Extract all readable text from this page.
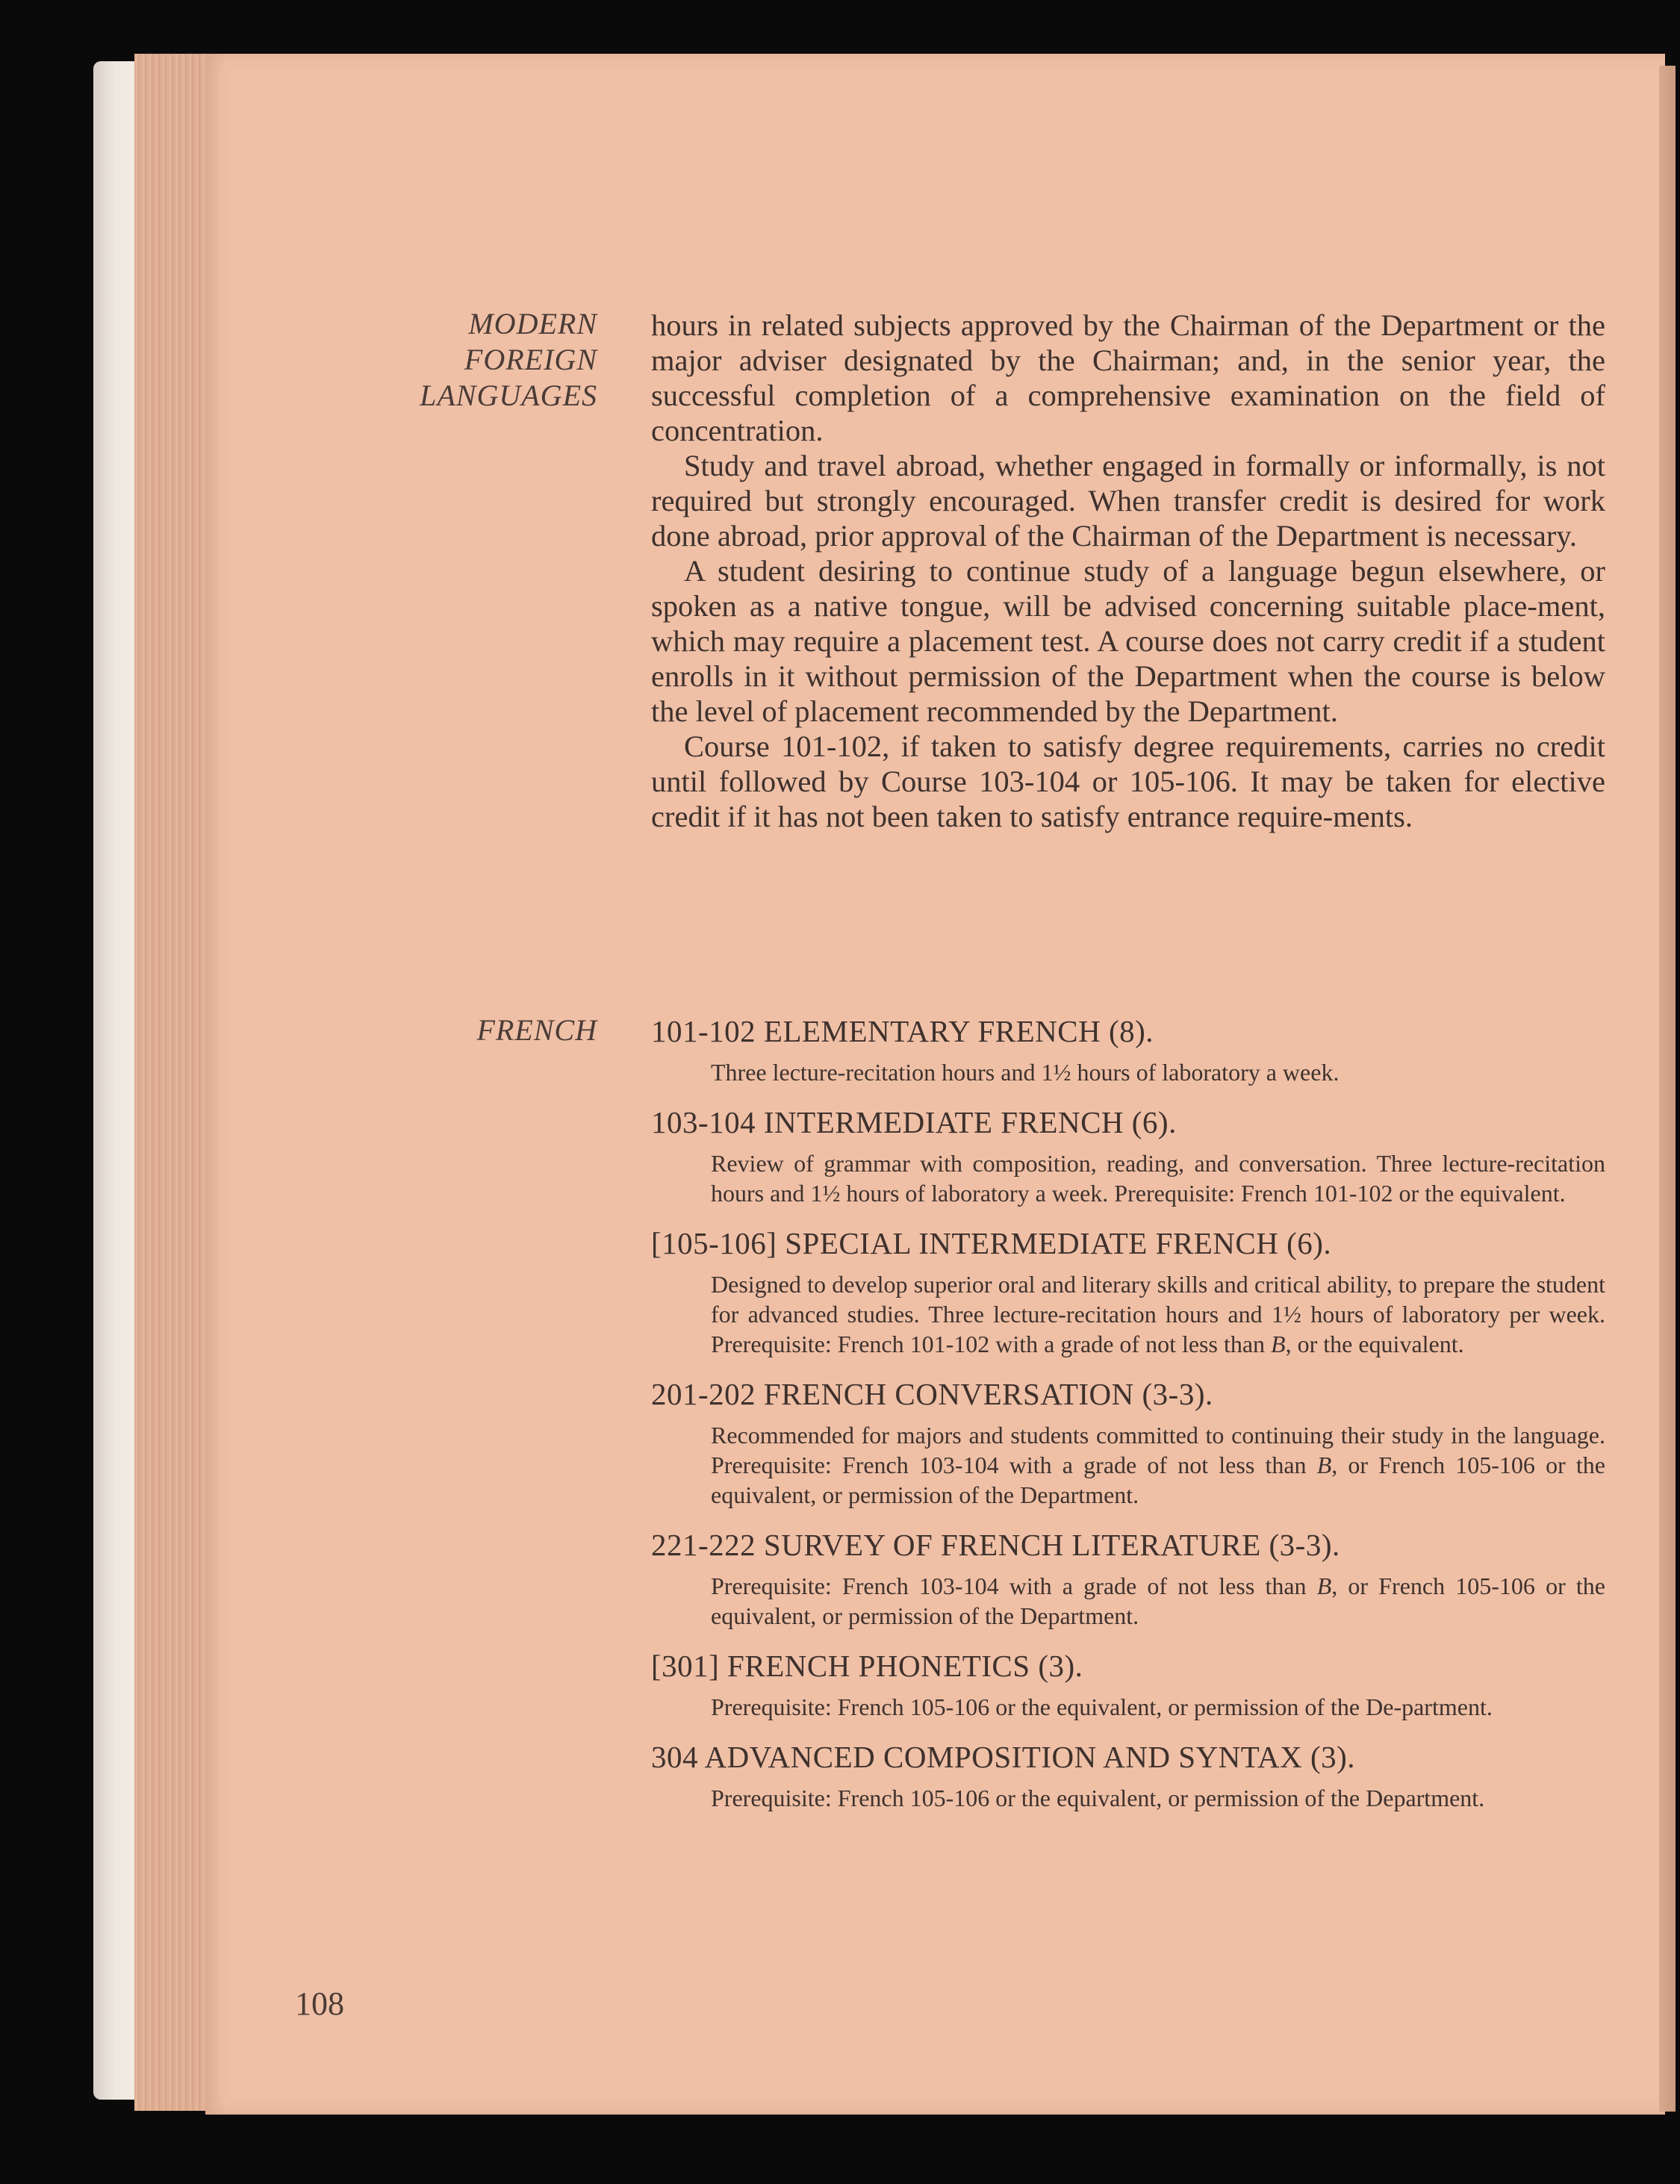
MODERN
FOREIGN
LANGUAGES
FRENCH

hours in related subjects approved by the Chairman of the Department or the major adviser designated by the Chairman; and, in the senior year, the successful completion of a comprehensive examination on the field of concentration.

Study and travel abroad, whether engaged in formally or informally, is not required but strongly encouraged. When transfer credit is desired for work done abroad, prior approval of the Chairman of the Department is necessary.

A student desiring to continue study of a language begun elsewhere, or spoken as a native tongue, will be advised concerning suitable place-ment, which may require a placement test. A course does not carry credit if a student enrolls in it without permission of the Department when the course is below the level of placement recommended by the Department.

Course 101-102, if taken to satisfy degree requirements, carries no credit until followed by Course 103-104 or 105-106. It may be taken for elective credit if it has not been taken to satisfy entrance require-ments.

101-102 ELEMENTARY FRENCH (8).
Three lecture-recitation hours and 1½ hours of laboratory a week.
103-104 INTERMEDIATE FRENCH (6).
Review of grammar with composition, reading, and conversation. Three lecture-recitation hours and 1½ hours of laboratory a week. Prerequisite: French 101-102 or the equivalent.
[105-106] SPECIAL INTERMEDIATE FRENCH (6).
Designed to develop superior oral and literary skills and critical ability, to prepare the student for advanced studies. Three lecture-recitation hours and 1½ hours of laboratory per week. Prerequisite: French 101-102 with a grade of not less than B, or the equivalent.
201-202 FRENCH CONVERSATION (3-3).
Recommended for majors and students committed to continuing their study in the language. Prerequisite: French 103-104 with a grade of not less than B, or French 105-106 or the equivalent, or permission of the Department.
221-222 SURVEY OF FRENCH LITERATURE (3-3).
Prerequisite: French 103-104 with a grade of not less than B, or French 105-106 or the equivalent, or permission of the Department.
[301] FRENCH PHONETICS (3).
Prerequisite: French 105-106 or the equivalent, or permission of the De-partment.
304 ADVANCED COMPOSITION AND SYNTAX (3).
Prerequisite: French 105-106 or the equivalent, or permission of the Department.
108
